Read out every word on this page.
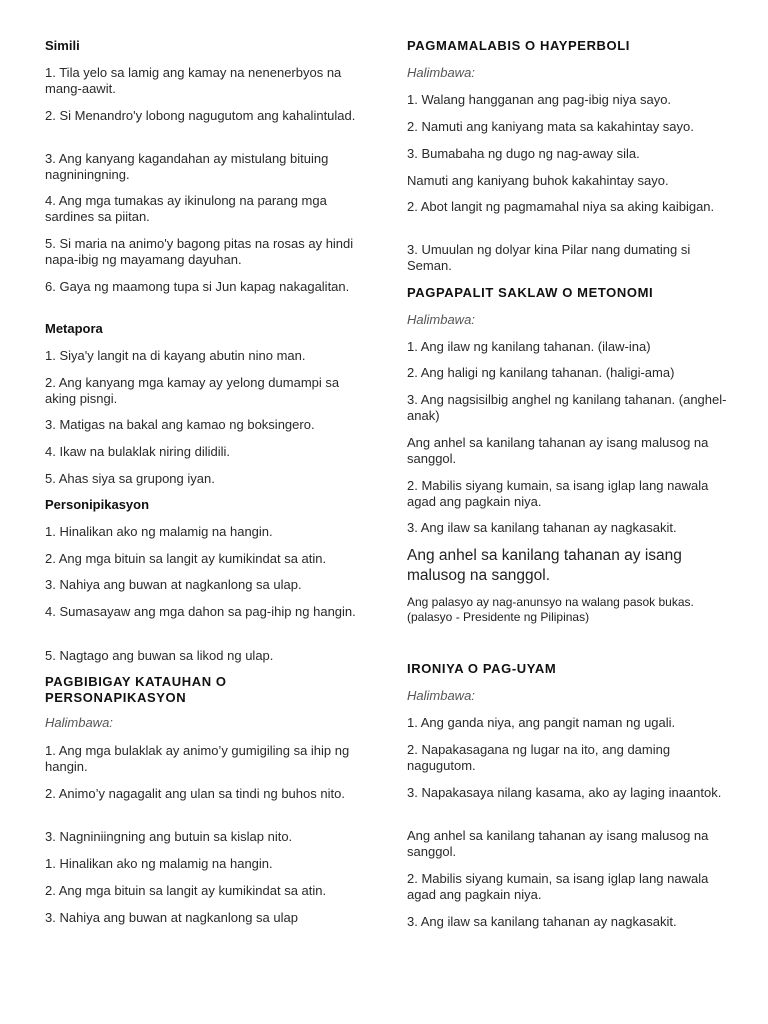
Simili
1. Tila yelo sa lamig ang kamay na nenenerbyos na mang-aawit.
2. Si Menandro'y lobong nagugutom ang kahalintulad.
3. Ang kanyang kagandahan ay mistulang bituing nagniningning.
4. Ang mga tumakas ay ikinulong na parang mga sardines sa piitan.
5. Si maria na animo'y bagong pitas na rosas ay hindi napa-ibig ng mayamang dayuhan.
6. Gaya ng maamong tupa si Jun kapag nakagalitan.
Metapora
1. Siya'y langit na di kayang abutin nino man.
2. Ang kanyang mga kamay ay yelong dumampi sa aking pisngi.
3. Matigas na bakal ang kamao ng boksingero.
4. Ikaw na bulaklak niring dilidili.
5. Ahas siya sa grupong iyan.
Personipikasyon
1. Hinalikan ako ng malamig na hangin.
2. Ang mga bituin sa langit ay kumikindat sa atin.
3. Nahiya ang buwan at nagkanlong sa ulap.
4. Sumasayaw ang mga dahon sa pag-ihip ng hangin.
5. Nagtago ang buwan sa likod ng ulap.
PAGBIBIGAY KATAUHAN O PERSONAPIKASYON
Halimbawa:
1. Ang mga bulaklak ay animo’y gumigiling sa ihip ng hangin.
2. Animo’y nagagalit ang ulan sa tindi ng buhos nito.
3. Nagniniingning ang butuin sa kislap nito.
1. Hinalikan ako ng malamig na hangin.
2. Ang mga bituin sa langit ay kumikindat sa atin.
3. Nahiya ang buwan at nagkanlong sa ulap
PAGMAMALABIS O HAYPERBOLI
Halimbawa:
1. Walang hangganan ang pag-ibig niya sayo.
2. Namuti ang kaniyang mata sa kakahintay sayo.
3. Bumabaha ng dugo ng nag-away sila.
Namuti ang kaniyang buhok kakahintay sayo.
2. Abot langit ng pagmamahal niya sa aking kaibigan.
3. Umuulan ng dolyar kina Pilar nang dumating si Seman.
PAGPAPALIT SAKLAW O METONOMI
Halimbawa:
1. Ang ilaw ng kanilang tahanan. (ilaw-ina)
2. Ang haligi ng kanilang tahanan. (haligi-ama)
3. Ang nagsisilbig anghel ng kanilang tahanan. (anghel-anak)
Ang anhel sa kanilang tahanan ay isang malusog na sanggol.
2. Mabilis siyang kumain, sa isang iglap lang nawala agad ang pagkain niya.
3. Ang ilaw sa kanilang tahanan ay nagkasakit.
Ang anhel sa kanilang tahanan ay isang malusog na sanggol.
Ang palasyo ay nag-anunsyo na walang pasok bukas. (palasyo - Presidente ng Pilipinas)
IRONIYA O PAG-UYAM
Halimbawa:
1. Ang ganda niya, ang pangit naman ng ugali.
2. Napakasagana ng lugar na ito, ang daming nagugutom.
3. Napakasaya nilang kasama, ako ay laging inaantok.
Ang anhel sa kanilang tahanan ay isang malusog na sanggol.
2. Mabilis siyang kumain, sa isang iglap lang nawala agad ang pagkain niya.
3. Ang ilaw sa kanilang tahanan ay nagkasakit.
